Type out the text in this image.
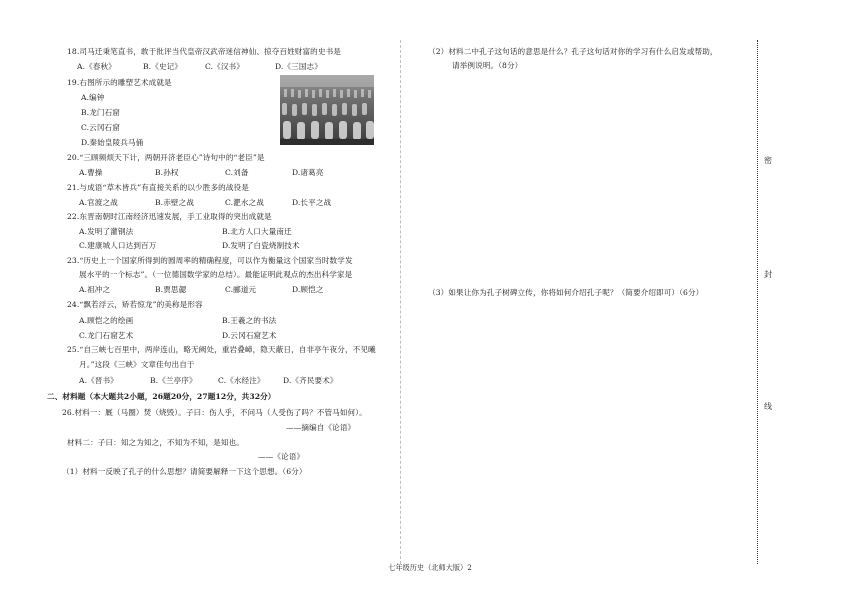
18.司马迁秉笔直书，敢于批评当代皇帝汉武帝迷信神仙、掠夺百姓财富的史书是
A.《春秋》	B.《史记》	C.《汉书》	D.《三国志》
19.右图所示的雕塑艺术成就是
A.编钟
B.龙门石窟
C.云冈石窟
D.秦始皇陵兵马俑
20.“三顾频烦天下计，两朝开济老臣心”诗句中的“老臣”是
A.曹操	B.孙权	C.刘备	D.诸葛亮
21.与成语“草木皆兵”有直接关系的以少胜多的战役是
A.官渡之战	B.赤壁之战	C.淝水之战	D.长平之战
22.东晋南朝时江南经济迅速发展，手工业取得的突出成就是
A.发明了灌钢法	B.北方人口大量南迁
C.建康城人口达到百万	D.发明了白瓷烧制技术
23.“历史上一个国家所得到的圆周率的精确程度，可以作为衡量这个国家当时数学发
展水平的一个标志”。（一位德国数学家的总结）。最能证明此观点的杰出科学家是
A.祖冲之	B.贾思勰	C.郦道元	D.顾恺之
24.“飘若浮云，矫若惊龙”的美称是形容
A.顾恺之的绘画	B.王羲之的书法
C.龙门石窟艺术	D.云冈石窟艺术
25.“自三峡七百里中，两岸连山，略无阙处，重岩叠嶂，隐天蔽日，自非亭午夜分，不见曦
月。”这段《三峡》文章佳句出自于
A.《晋书》	B.《兰亭序》	C.《水经注》 D.《齐民要术》
二、材料题（本大题共2小题，26题20分，27题12分，共32分）
26.材料一：厩（马圈）焚（烧毁）。子曰：伤人乎，不问马（人受伤了吗？不管马如何）。
——摘编自《论语》
材料二：子曰：知之为知之，不知为不知，是知也。
——《论语》
（1）材料一反映了孔子的什么思想？请简要解释一下这个思想。（6分）
（2）材料二中孔子这句话的意思是什么？孔子这句话对你的学习有什么启发或帮助，
请举例说明。（8分）
（3）如果让你为孔子树碑立传，你将如何介绍孔子呢？（简要介绍即可）（6分）
密
封
线
七年级历史（北师大版）2
